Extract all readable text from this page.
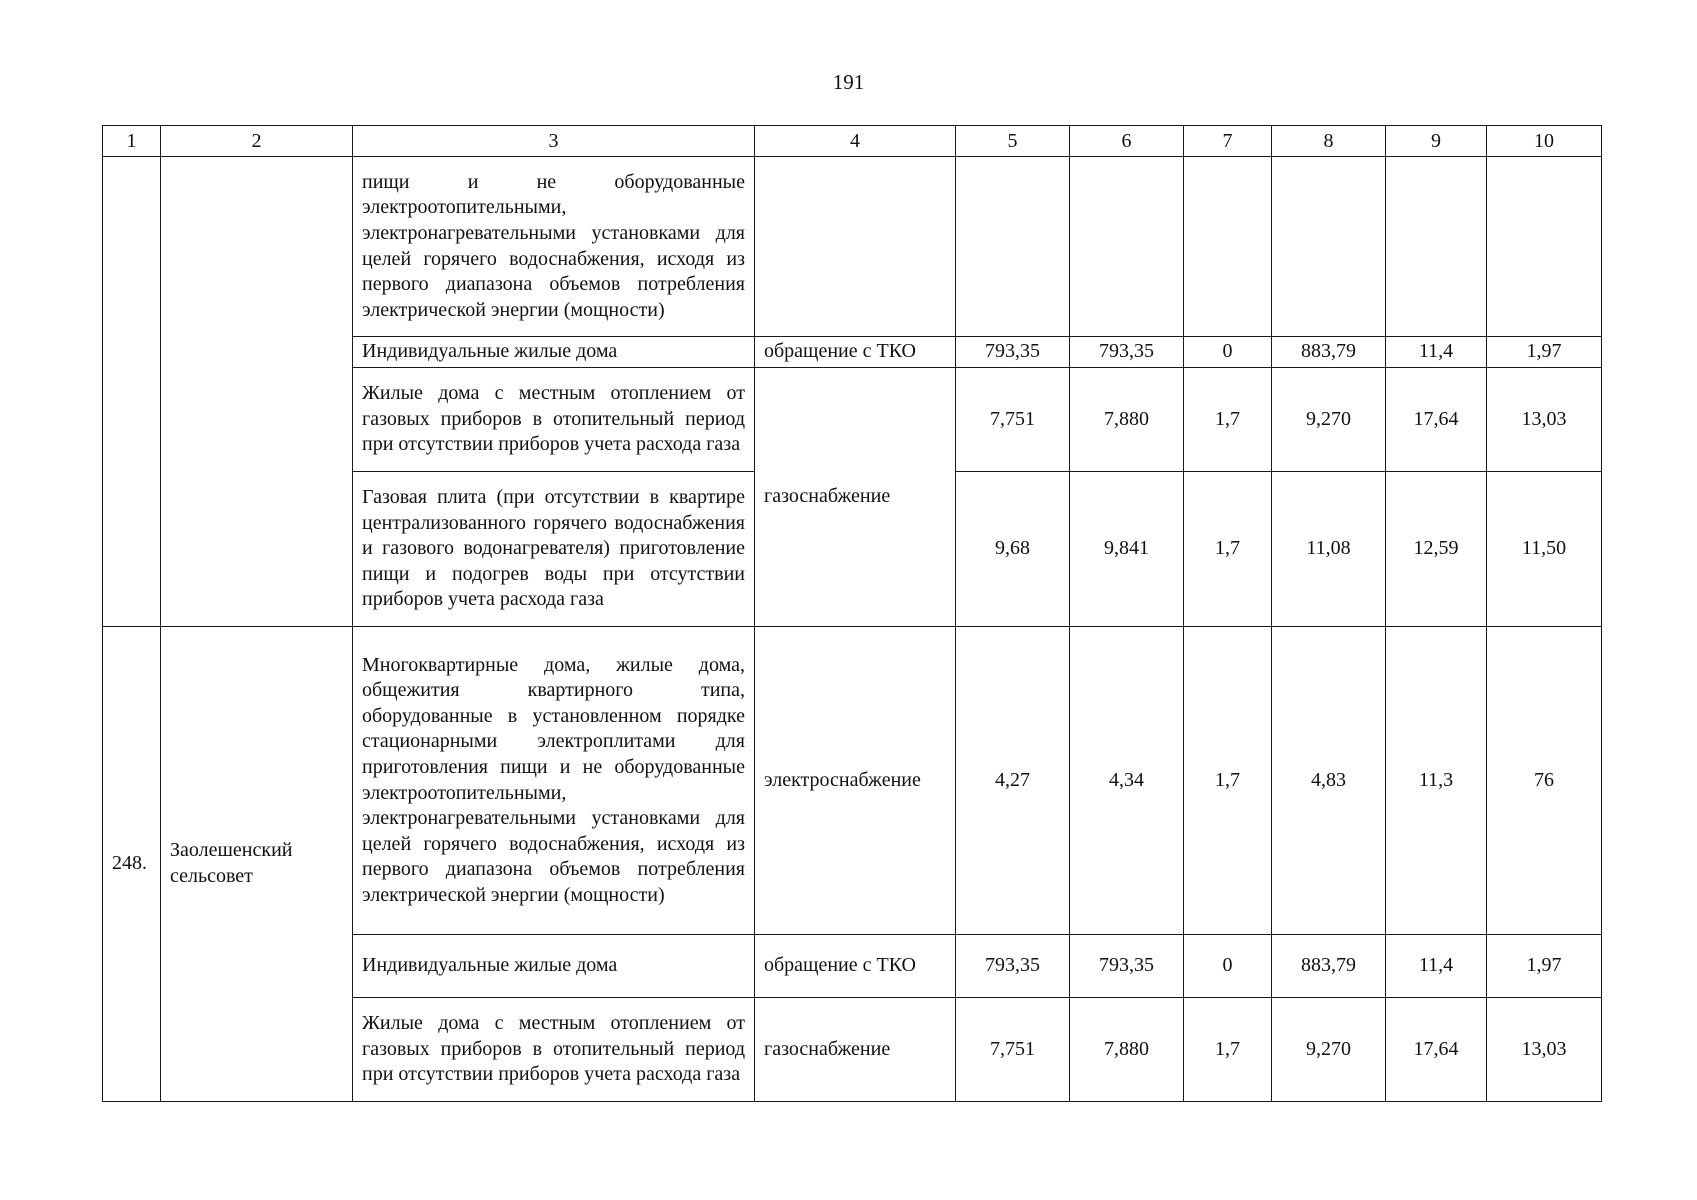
191
1	2	3	4	5	6	7	8	9	10
		пищи и не оборудованные электроотопительными, электронагревательными установками для целей горячего водоснабжения, исходя из первого диапазона объемов потребления электрической энергии (мощности)							
		Индивидуальные жилые дома	обращение с ТКО	793,35	793,35	0	883,79	11,4	1,97
		Жилые дома с местным отоплением от газовых приборов в отопительный период при отсутствии приборов учета расхода газа	газоснабжение	7,751	7,880	1,7	9,270	17,64	13,03
		Газовая плита (при отсутствии в квартире централизованного горячего водоснабжения и газового водонагревателя) приготовление пищи и подогрев воды при отсутствии приборов учета расхода газа		9,68	9,841	1,7	11,08	12,59	11,50
248.	Заолешенский сельсовет	Многоквартирные дома, жилые дома, общежития квартирного типа, оборудованные в установленном порядке стационарными электроплитами для приготовления пищи и не оборудованные электроотопительными, электронагревательными установками для целей горячего водоснабжения, исходя из первого диапазона объемов потребления электрической энергии (мощности)	электроснабжение	4,27	4,34	1,7	4,83	11,3	76
		Индивидуальные жилые дома	обращение с ТКО	793,35	793,35	0	883,79	11,4	1,97
		Жилые дома с местным отоплением от газовых приборов в отопительный период при отсутствии приборов учета расхода газа	газоснабжение	7,751	7,880	1,7	9,270	17,64	13,03
